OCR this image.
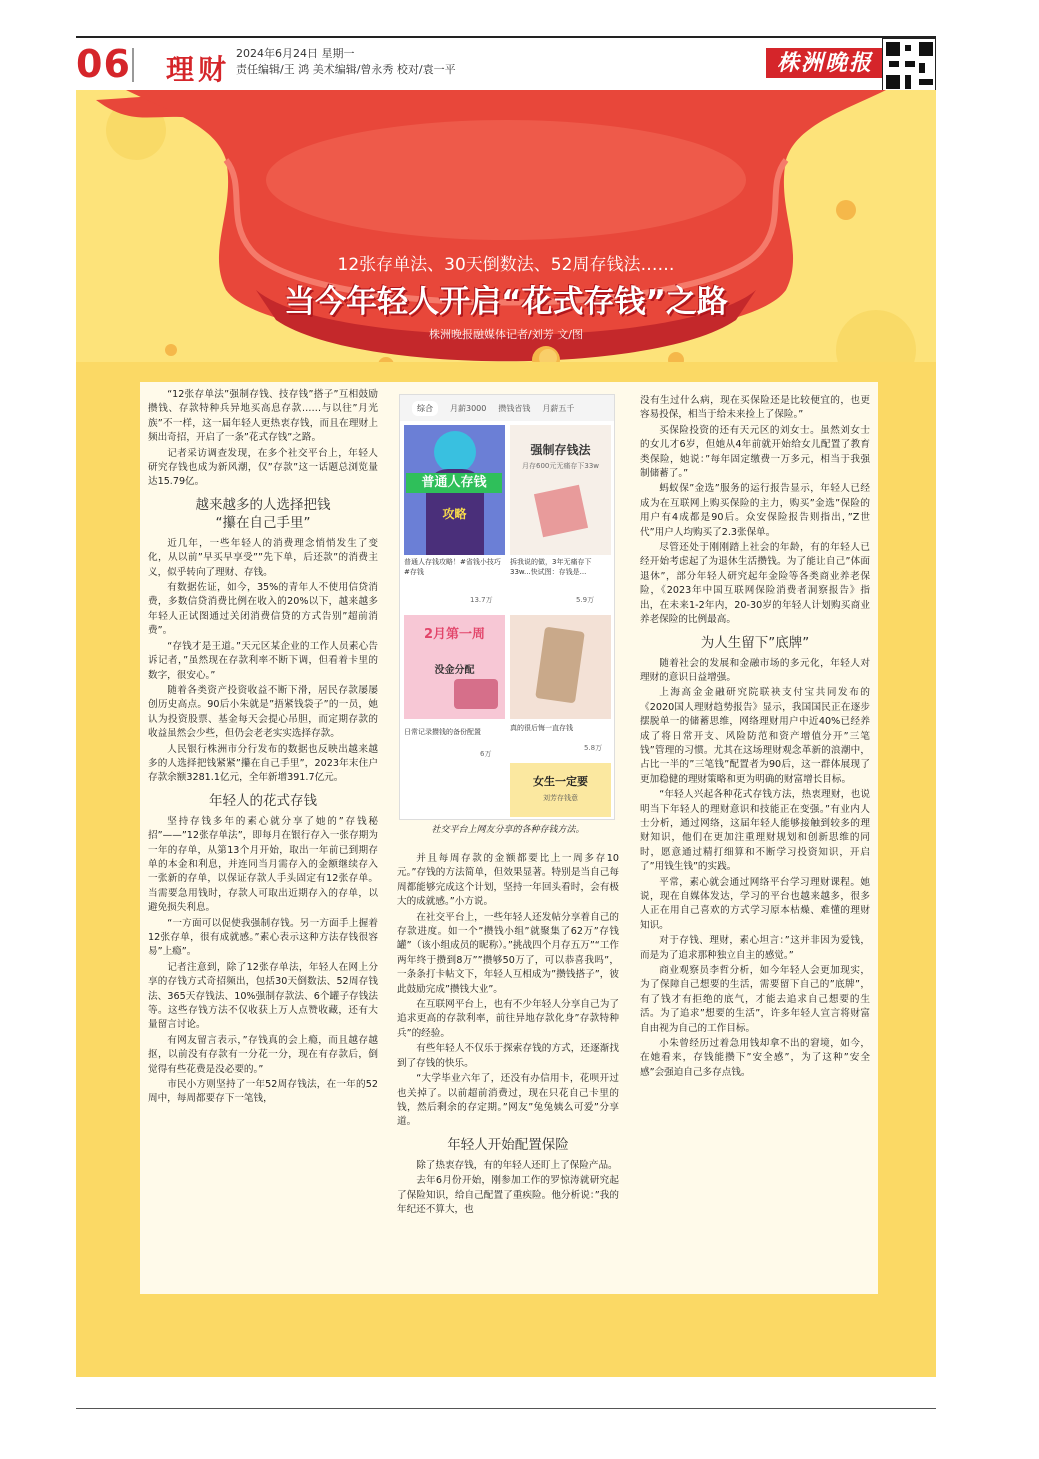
06 理财 2024年6月24日 星期一
责任编辑/王 鸿 美术编辑/曾永秀 校对/袁一平	株洲晚报
12张存单法、30天倒数法、52周存钱法……
当今年轻人开启“花式存钱”之路
株洲晚报融媒体记者/刘芳 文/图

“12张存单法”强制存钱、技存钱”搭子”互相鼓励攒钱、存款特种兵异地买高息存款……与以往”月光族”不一样，这一届年轻人更热衷存钱，而且在理财上频出奇招，开启了一条”花式存钱”之路。

记者采访调查发现，在多个社交平台上，年轻人研究存钱也成为新风潮，仅”存款”这一话题总浏览量达15.79亿。

越来越多的人选择把钱
“攥在自己手里”

近几年，一些年轻人的消费理念悄悄发生了变化，从以前”早买早享受””先下单，后还款”的消费主义，似乎转向了理财、存钱。

有数据佐证，如今，35%的青年人不使用信贷消费，多数信贷消费比例在收入的20%以下，越来越多年轻人正试图通过关闭消费信贷的方式告别”超前消费”。

“存钱才是王道。”天元区某企业的工作人员素心告诉记者，”虽然现在存款利率不断下调，但看着卡里的数字，很安心。”

随着各类资产投资收益不断下滑，居民存款屡屡创历史高点。90后小朱就是”捂紧钱袋子”的一员，她认为投资股票、基金每天会提心吊胆，而定期存款的收益虽然会少些，但仍会老老实实选择存款。

人民银行株洲市分行发布的数据也反映出越来越多的人选择把钱紧紧”攥在自己手里”，2023年末住户存款余额3281.1亿元，全年新增391.7亿元。

年轻人的花式存钱

坚持存钱多年的素心就分享了她的”存钱秘招”——”12张存单法”，即每月在银行存入一张存期为一年的存单，从第13个月开始，取出一年前已到期存单的本金和利息，并连同当月需存入的金额继续存入一张新的存单，以保证存款人手头固定有12张存单。当需要急用钱时，存款人可取出近期存入的存单，以避免损失利息。

“一方面可以促使我强制存钱。另一方面手上握着12张存单，很有成就感。”素心表示这种方法存钱很容易”上瘾”。

记者注意到，除了12张存单法，年轻人在网上分享的存钱方式奇招频出，包括30天倒数法、52周存钱法、365天存钱法、10%强制存款法、6个罐子存钱法等。这些存钱方法不仅收获上万人点赞收藏，还有大量留言讨论。

有网友留言表示，”存钱真的会上瘾，而且越存越抠，以前没有存款有一分花一分，现在有存款后，倒觉得有些花费是没必要的。”

市民小方则坚持了一年52周存钱法，在一年的52周中，每周都要存下一笔钱，

综合	月薪3000 攒钱省钱 月薪五千
普通人存钱
攻略
普通人存钱攻略！#省钱小技巧 #存钱
13.7万
强制存钱法
月存600元无痛存下33w
拆我说的做，3年无痛存下33w...快试图：存钱是...
5.9万
2月第一周
没金分配
日常记录攒钱的备份配置
6万
真的很后悔一直存钱
5.8万
女生一定要
刘芳存钱意
社交平台上网友分享的各种存钱方法。

并且每周存款的金额都要比上一周多存10元。”存钱的方法简单，但效果显著。特别是当自己每周都能够完成这个计划，坚持一年回头看时，会有极大的成就感。”小方说。

在社交平台上，一些年轻人还发帖分享着自己的存款进度。如一个”攒钱小组”就聚集了62万”存钱罐”（该小组成员的昵称）。”挑战四个月存五万”“工作两年终于攒到8万””攒够50万了，可以恭喜我吗”，一条条打卡帖文下，年轻人互相成为”攒钱搭子”，彼此鼓励完成”攒钱大业”。

在互联网平台上，也有不少年轻人分享自己为了追求更高的存款利率，前往异地存款化身”存款特种兵”的经验。

有些年轻人不仅乐于探索存钱的方式，还逐渐找到了存钱的快乐。

“大学毕业六年了，还没有办信用卡，花呗开过也关掉了。以前超前消费过，现在只花自己卡里的钱，然后剩余的存定期。”网友”兔兔姨么可爱”分享道。

年轻人开始配置保险

除了热衷存钱，有的年轻人还盯上了保险产品。

去年6月份开始，刚参加工作的罗惊涛就研究起了保险知识，给自己配置了重疾险。他分析说：”我的年纪还不算大，也

没有生过什么病，现在买保险还是比较便宜的，也更容易投保，相当于给未来捡上了保险。”

买保险投资的还有天元区的刘女士。虽然刘女士的女儿才6岁，但她从4年前就开始给女儿配置了教育类保险，她说：”每年固定缴费一万多元，相当于我强制储蓄了。”

蚂蚁保”金选”服务的运行报告显示，年轻人已经成为在互联网上购买保险的主力，购买”金选”保险的用户有4成都是90后。众安保险报告则指出，”Z世代”用户人均购买了2.3张保单。

尽管还处于刚刚踏上社会的年龄，有的年轻人已经开始考虑起了为退休生活攒钱。为了能让自己”体面退休”，部分年轻人研究起年金险等各类商业养老保险，《2023年中国互联网保险消费者洞察报告》指出，在未来1-2年内，20-30岁的年轻人计划购买商业养老保险的比例最高。

为人生留下”底牌”

随着社会的发展和金融市场的多元化，年轻人对理财的意识日益增强。

上海高金金融研究院联袂支付宝共同发布的《2020国人理财趋势报告》显示，我国国民正在逐步摆脱单一的储蓄思维，网络理财用户中近40%已经养成了将日常开支、风险防范和资产增值分开”三笔钱”管理的习惯。尤其在这场理财观念革新的浪潮中，占比一半的”三笔钱”配置者为90后，这一群体展现了更加稳健的理财策略和更为明确的财富增长目标。

“年轻人兴起各种花式存钱方法，热衷理财，也说明当下年轻人的理财意识和技能正在变强。”有业内人士分析，通过网络，这届年轻人能够接触到较多的理财知识，他们在更加注重理财规划和创新思维的同时，愿意通过精打细算和不断学习投资知识，开启了”用钱生钱”的实践。

平常，素心就会通过网络平台学习理财课程。她说，现在自媒体发达，学习的平台也越来越多，很多人正在用自己喜欢的方式学习原本枯燥、难懂的理财知识。

对于存钱、理财，素心坦言：”这并非因为爱钱，而是为了追求那种独立自主的感觉。”

商业观察员李哲分析，如今年轻人会更加现实，为了保障自己想要的生活，需要留下自己的”底牌”，有了钱才有拒绝的底气，才能去追求自己想要的生活。为了追求”想要的生活”，许多年轻人宣言将财富自由视为自己的工作目标。

小朱曾经历过着急用钱却拿不出的窘境，如今，在她看来，存钱能攒下”安全感”，为了这种”安全感”会强迫自己多存点钱。
